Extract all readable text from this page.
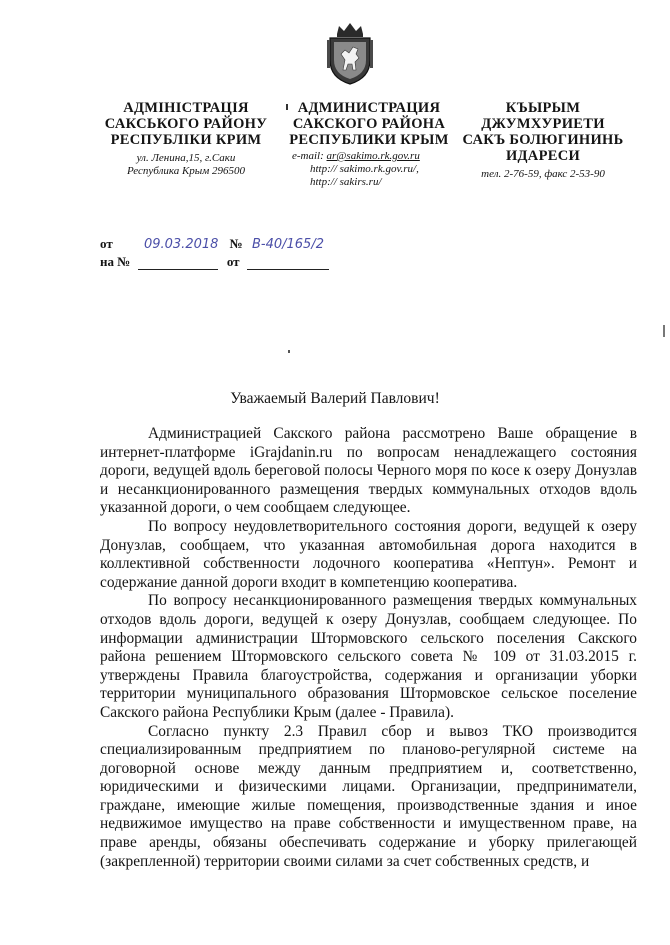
АДМІНІСТРАЦІЯ
САКСЬКОГО РАЙОНУ
РЕСПУБЛІКИ КРИМ
ул. Ленина,15, г.Саки
Республика Крым 296500
АДМИНИСТРАЦИЯ
САКСКОГО РАЙОНА
РЕСПУБЛИКИ КРЫМ
e-mail: ar@sakimo.rk.gov.ru
http:// sakimo.rk.gov.ru/,
http:// sakirs.ru/
КЪЫРЫМ ДЖУМХУРИЕТИ
САКЪ БОЛЮГИНИНЬ
ИДАРЕСИ
тел. 2-76-59, факс 2-53-90
от 09.03.2018 № В-40/165/2
на №	от
Уважаемый Валерий Павлович!

Администрацией Сакского района рассмотрено Ваше обращение в интернет-платформе iGrajdanin.ru по вопросам ненадлежащего состояния дороги, ведущей вдоль береговой полосы Черного моря по косе к озеру Донузлав и несанкционированного размещения твердых коммунальных отходов вдоль указанной дороги, о чем сообщаем следующее.

По вопросу неудовлетворительного состояния дороги, ведущей к озеру Донузлав, сообщаем, что указанная автомобильная дорога находится в коллективной собственности лодочного кооператива «Нептун». Ремонт и содержание данной дороги входит в компетенцию кооператива.

По вопросу несанкционированного размещения твердых коммунальных отходов вдоль дороги, ведущей к озеру Донузлав, сообщаем следующее. По информации администрации Штормовского сельского поселения Сакского района решением Штормовского сельского совета № 109 от 31.03.2015 г. утверждены Правила благоустройства, содержания и организации уборки территории муниципального образования Штормовское сельское поселение Сакского района Республики Крым (далее - Правила).

Согласно пункту 2.3 Правил сбор и вывоз ТКО производится специализированным предприятием по планово-регулярной системе на договорной основе между данным предприятием и, соответственно, юридическими и физическими лицами. Организации, предприниматели, граждане, имеющие жилые помещения, производственные здания и иное недвижимое имущество на праве собственности и имущественном праве, на праве аренды, обязаны обеспечивать содержание и уборку прилегающей (закрепленной) территории своими силами за счет собственных средств, и
